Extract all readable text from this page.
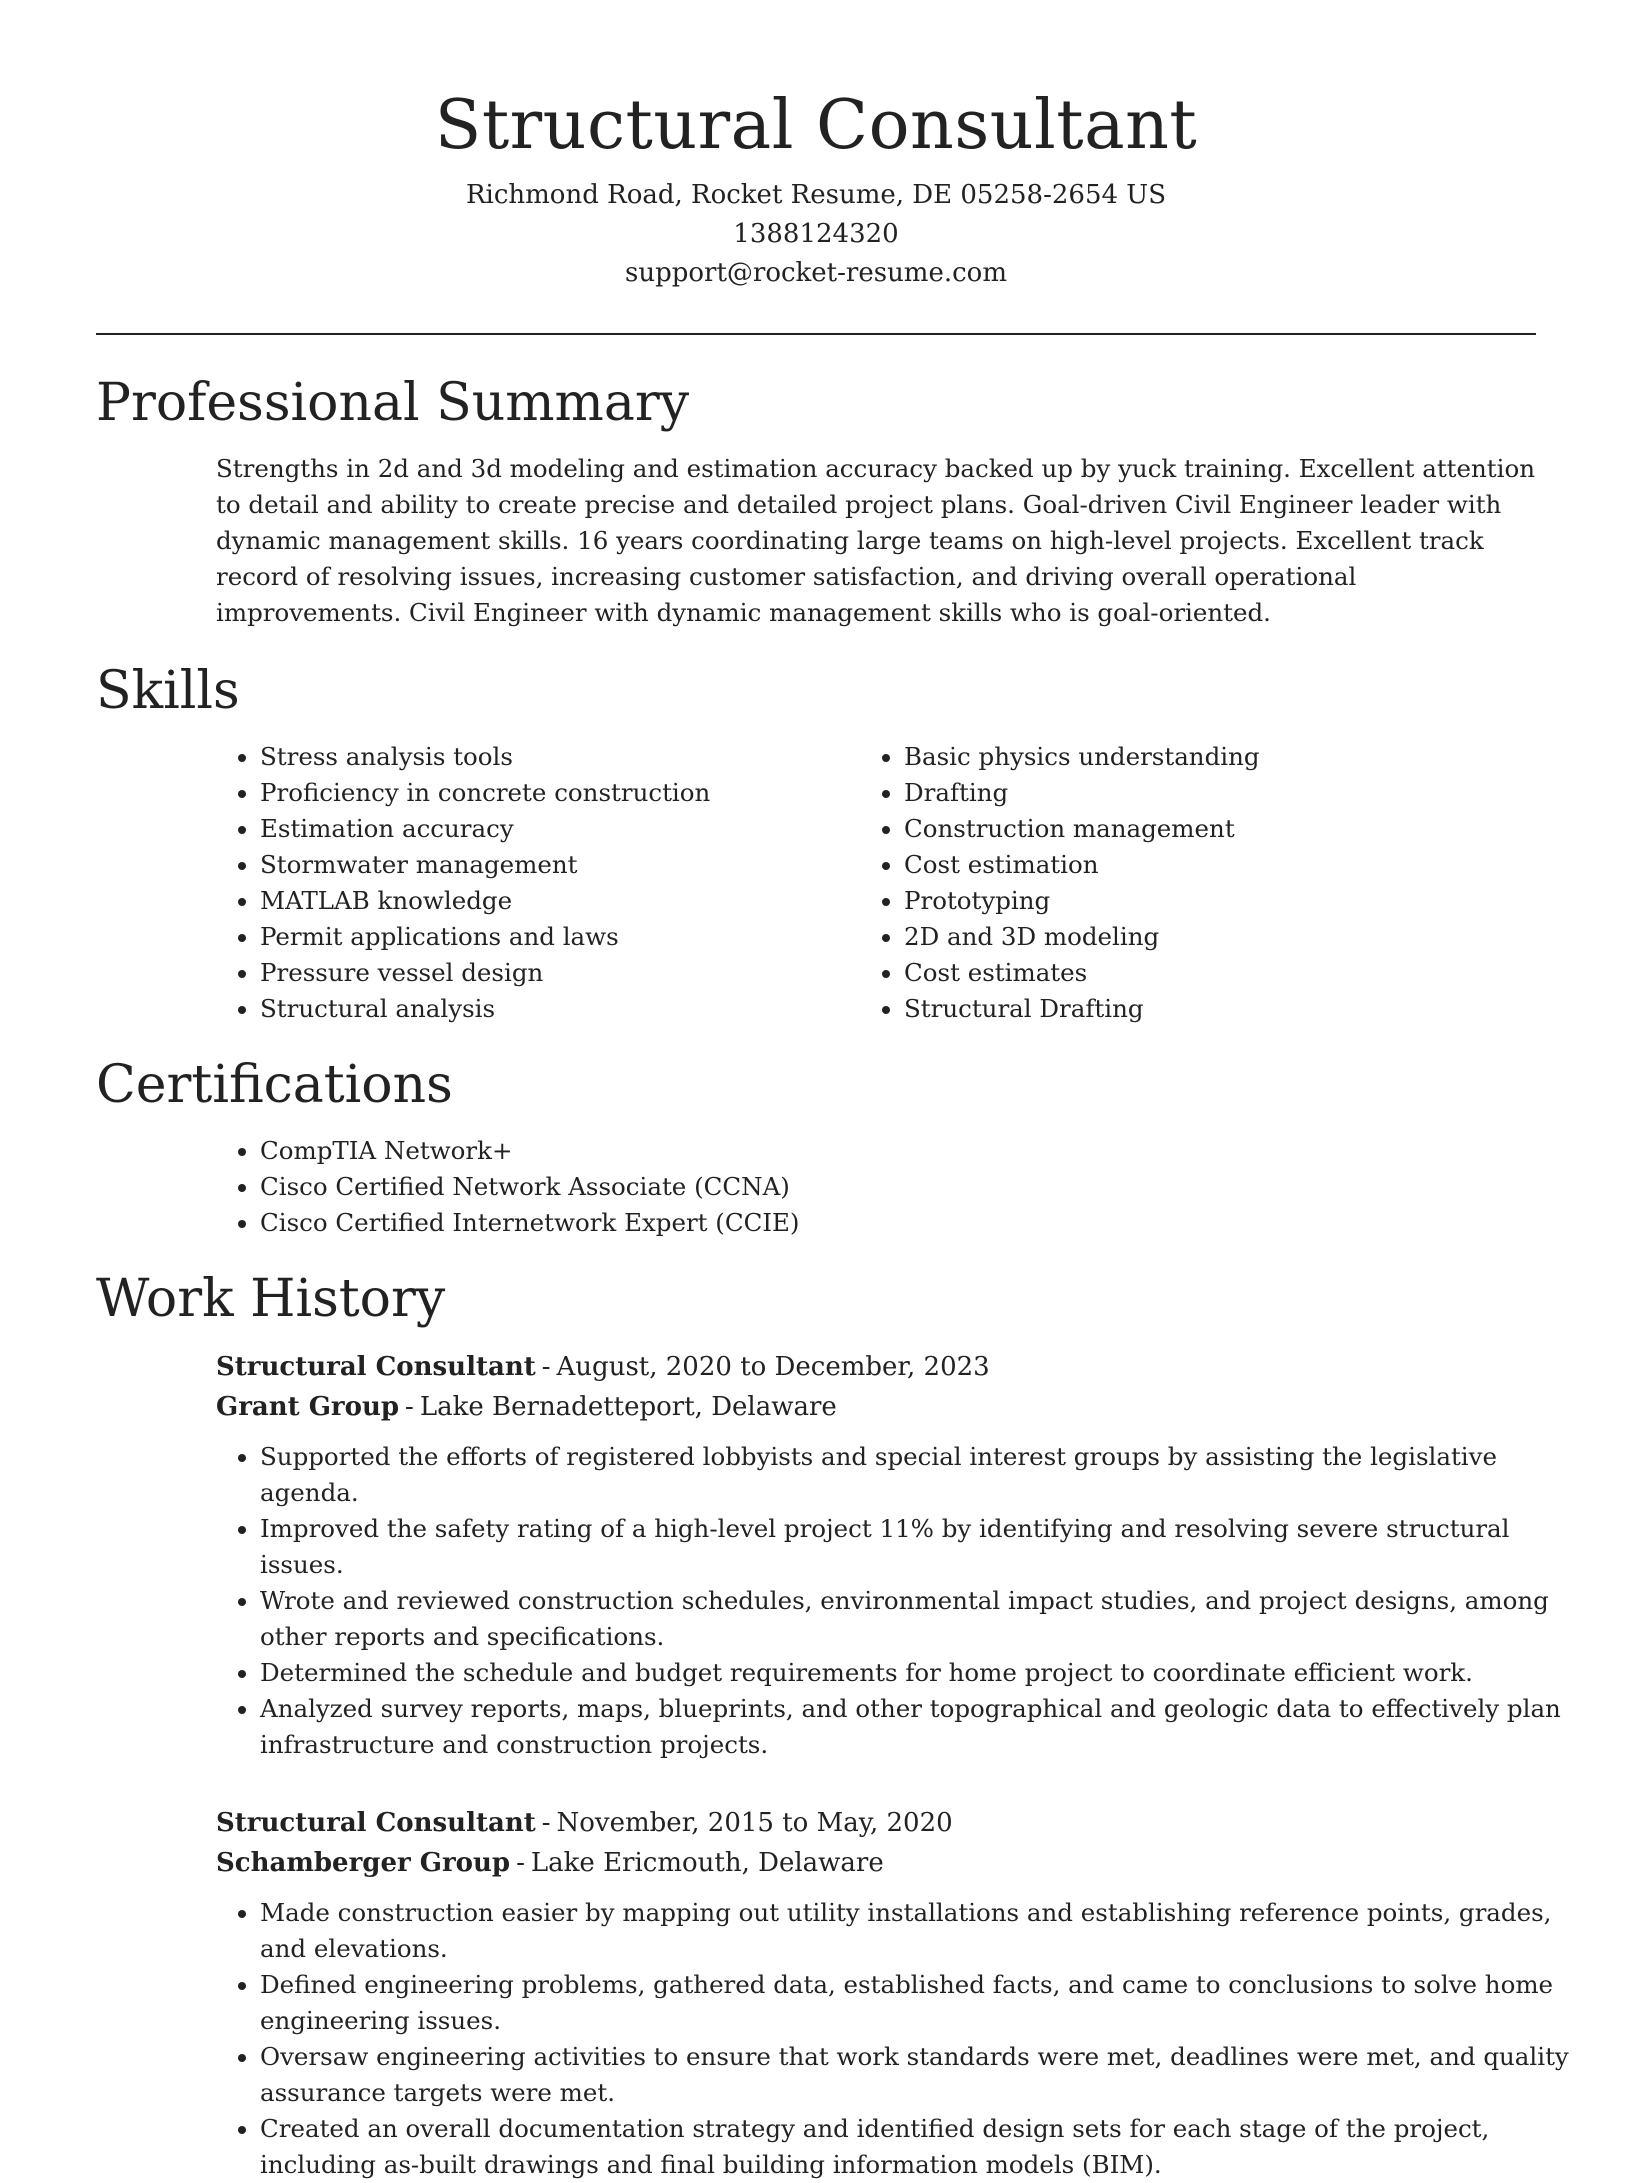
Structural Consultant
Richmond Road, Rocket Resume, DE 05258-2654 US
1388124320
support@rocket-resume.com
Professional Summary
Strengths in 2d and 3d modeling and estimation accuracy backed up by yuck training. Excellent attention to detail and ability to create precise and detailed project plans. Goal-driven Civil Engineer leader with dynamic management skills. 16 years coordinating large teams on high-level projects. Excellent track record of resolving issues, increasing customer satisfaction, and driving overall operational improvements. Civil Engineer with dynamic management skills who is goal-oriented.
Skills
• Stress analysis tools
• Proficiency in concrete construction
• Estimation accuracy
• Stormwater management
• MATLAB knowledge
• Permit applications and laws
• Pressure vessel design
• Structural analysis
• Basic physics understanding
• Drafting
• Construction management
• Cost estimation
• Prototyping
• 2D and 3D modeling
• Cost estimates
• Structural Drafting
Certifications
• CompTIA Network+
• Cisco Certified Network Associate (CCNA)
• Cisco Certified Internetwork Expert (CCIE)
Work History
Structural Consultant - August, 2020 to December, 2023
Grant Group - Lake Bernadetteport, Delaware
• Supported the efforts of registered lobbyists and special interest groups by assisting the legislative agenda.
• Improved the safety rating of a high-level project 11% by identifying and resolving severe structural issues.
• Wrote and reviewed construction schedules, environmental impact studies, and project designs, among other reports and specifications.
• Determined the schedule and budget requirements for home project to coordinate efficient work.
• Analyzed survey reports, maps, blueprints, and other topographical and geologic data to effectively plan infrastructure and construction projects.
Structural Consultant - November, 2015 to May, 2020
Schamberger Group - Lake Ericmouth, Delaware
• Made construction easier by mapping out utility installations and establishing reference points, grades, and elevations.
• Defined engineering problems, gathered data, established facts, and came to conclusions to solve home engineering issues.
• Oversaw engineering activities to ensure that work standards were met, deadlines were met, and quality assurance targets were met.
• Created an overall documentation strategy and identified design sets for each stage of the project, including as-built drawings and final building information models (BIM).
